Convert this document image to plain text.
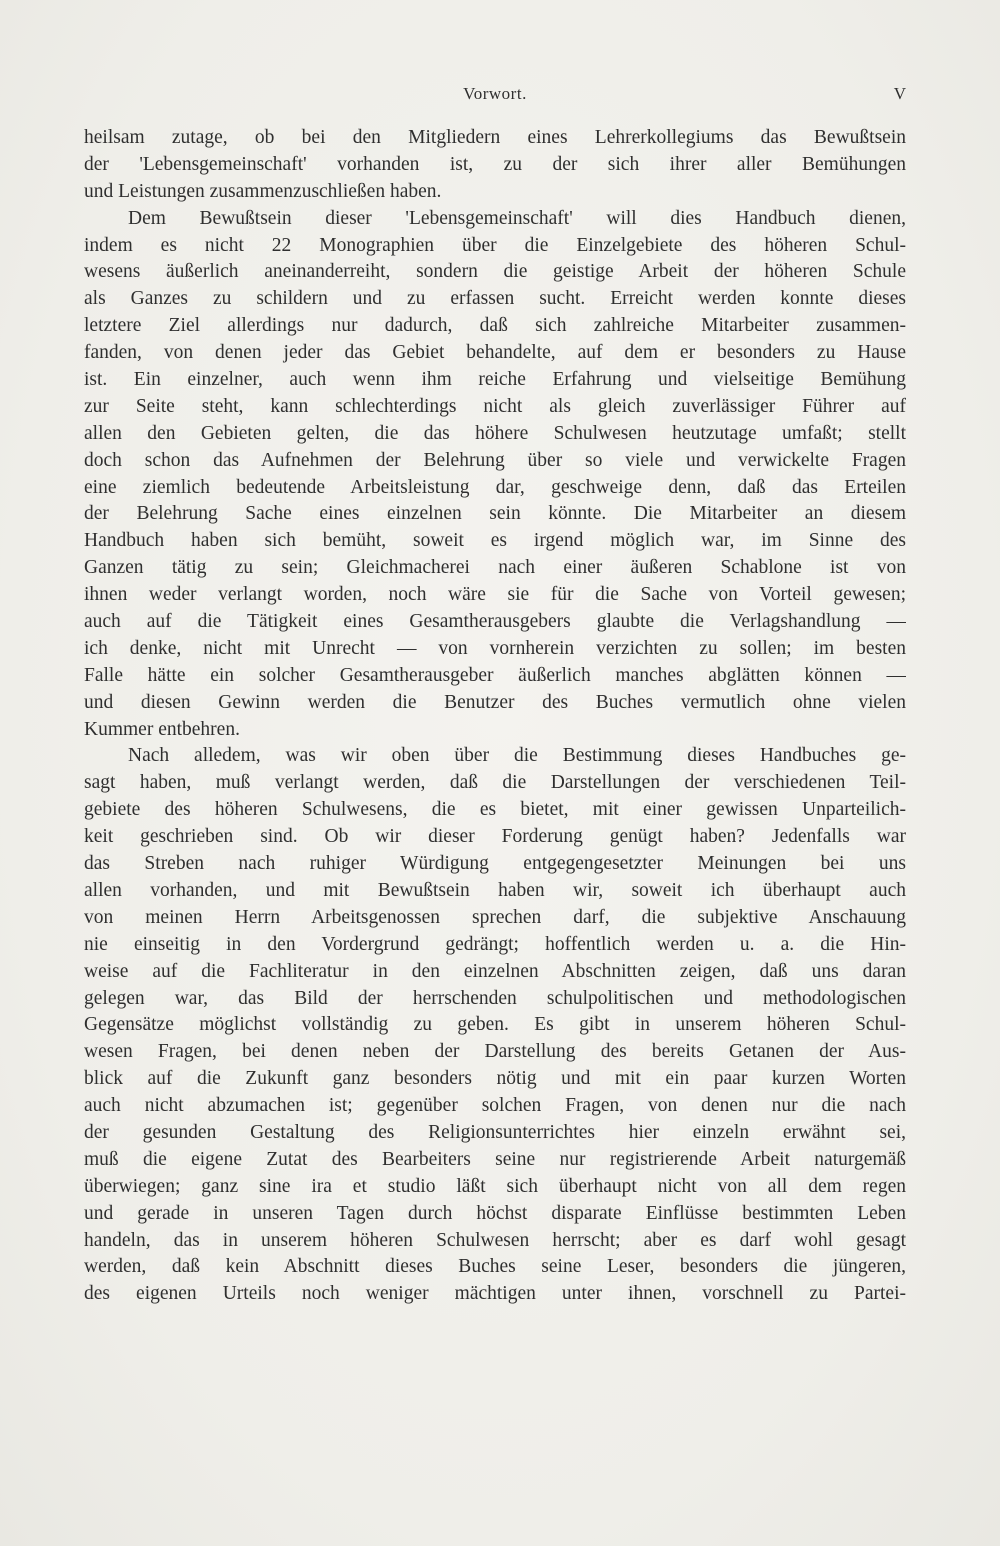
Vorwort.	V
heilsam zutage, ob bei den Mitgliedern eines Lehrerkollegiums das Bewußtsein
der 'Lebensgemeinschaft' vorhanden ist, zu der sich ihrer aller Bemühungen
und Leistungen zusammenzuschließen haben.
Dem Bewußtsein dieser 'Lebensgemeinschaft' will dies Handbuch dienen,
indem es nicht 22 Monographien über die Einzelgebiete des höheren Schul-
wesens äußerlich aneinanderreiht, sondern die geistige Arbeit der höheren Schule
als Ganzes zu schildern und zu erfassen sucht. Erreicht werden konnte dieses
letztere Ziel allerdings nur dadurch, daß sich zahlreiche Mitarbeiter zusammen-
fanden, von denen jeder das Gebiet behandelte, auf dem er besonders zu Hause
ist. Ein einzelner, auch wenn ihm reiche Erfahrung und vielseitige Bemühung
zur Seite steht, kann schlechterdings nicht als gleich zuverlässiger Führer auf
allen den Gebieten gelten, die das höhere Schulwesen heutzutage umfaßt; stellt
doch schon das Aufnehmen der Belehrung über so viele und verwickelte Fragen
eine ziemlich bedeutende Arbeitsleistung dar, geschweige denn, daß das Erteilen
der Belehrung Sache eines einzelnen sein könnte. Die Mitarbeiter an diesem
Handbuch haben sich bemüht, soweit es irgend möglich war, im Sinne des
Ganzen tätig zu sein; Gleichmacherei nach einer äußeren Schablone ist von
ihnen weder verlangt worden, noch wäre sie für die Sache von Vorteil gewesen;
auch auf die Tätigkeit eines Gesamtherausgebers glaubte die Verlagshandlung —
ich denke, nicht mit Unrecht — von vornherein verzichten zu sollen; im besten
Falle hätte ein solcher Gesamtherausgeber äußerlich manches abglätten können —
und diesen Gewinn werden die Benutzer des Buches vermutlich ohne vielen
Kummer entbehren.
Nach alledem, was wir oben über die Bestimmung dieses Handbuches ge-
sagt haben, muß verlangt werden, daß die Darstellungen der verschiedenen Teil-
gebiete des höheren Schulwesens, die es bietet, mit einer gewissen Unparteilich-
keit geschrieben sind. Ob wir dieser Forderung genügt haben? Jedenfalls war
das Streben nach ruhiger Würdigung entgegengesetzter Meinungen bei uns
allen vorhanden, und mit Bewußtsein haben wir, soweit ich überhaupt auch
von meinen Herrn Arbeitsgenossen sprechen darf, die subjektive Anschauung
nie einseitig in den Vordergrund gedrängt; hoffentlich werden u. a. die Hin-
weise auf die Fachliteratur in den einzelnen Abschnitten zeigen, daß uns daran
gelegen war, das Bild der herrschenden schulpolitischen und methodologischen
Gegensätze möglichst vollständig zu geben. Es gibt in unserem höheren Schul-
wesen Fragen, bei denen neben der Darstellung des bereits Getanen der Aus-
blick auf die Zukunft ganz besonders nötig und mit ein paar kurzen Worten
auch nicht abzumachen ist; gegenüber solchen Fragen, von denen nur die nach
der gesunden Gestaltung des Religionsunterrichtes hier einzeln erwähnt sei,
muß die eigene Zutat des Bearbeiters seine nur registrierende Arbeit naturgemäß
überwiegen; ganz sine ira et studio läßt sich überhaupt nicht von all dem regen
und gerade in unseren Tagen durch höchst disparate Einflüsse bestimmten Leben
handeln, das in unserem höheren Schulwesen herrscht; aber es darf wohl gesagt
werden, daß kein Abschnitt dieses Buches seine Leser, besonders die jüngeren,
des eigenen Urteils noch weniger mächtigen unter ihnen, vorschnell zu Partei-
